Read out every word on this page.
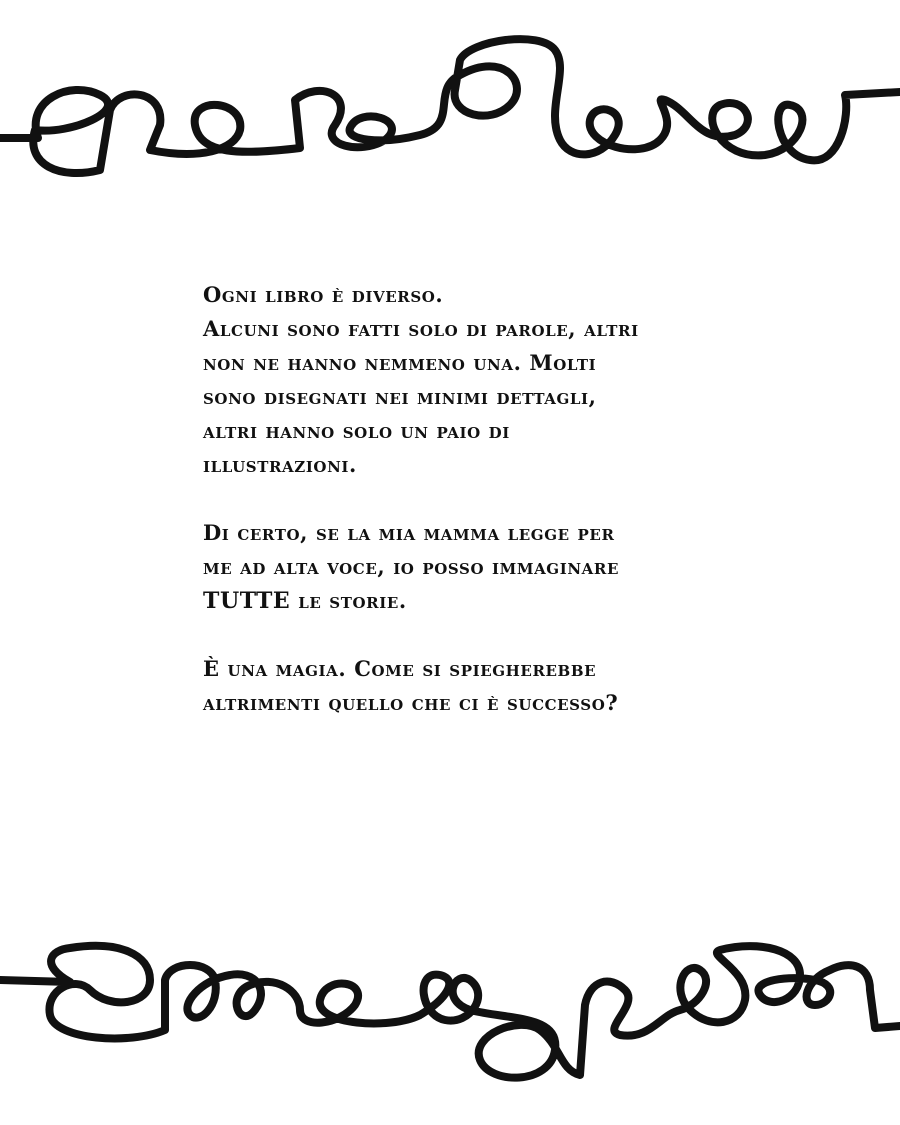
Ogni libro è diverso.
Alcuni sono fatti solo di parole, altri
non ne hanno nemmeno una. Molti
sono disegnati nei minimi dettagli,
altri hanno solo un paio di
illustrazioni.

Di certo, se la mia mamma legge per
me ad alta voce, io posso immaginare
TUTTE le storie.

È una magia. Come si spiegherebbe
altrimenti quello che ci è successo?
